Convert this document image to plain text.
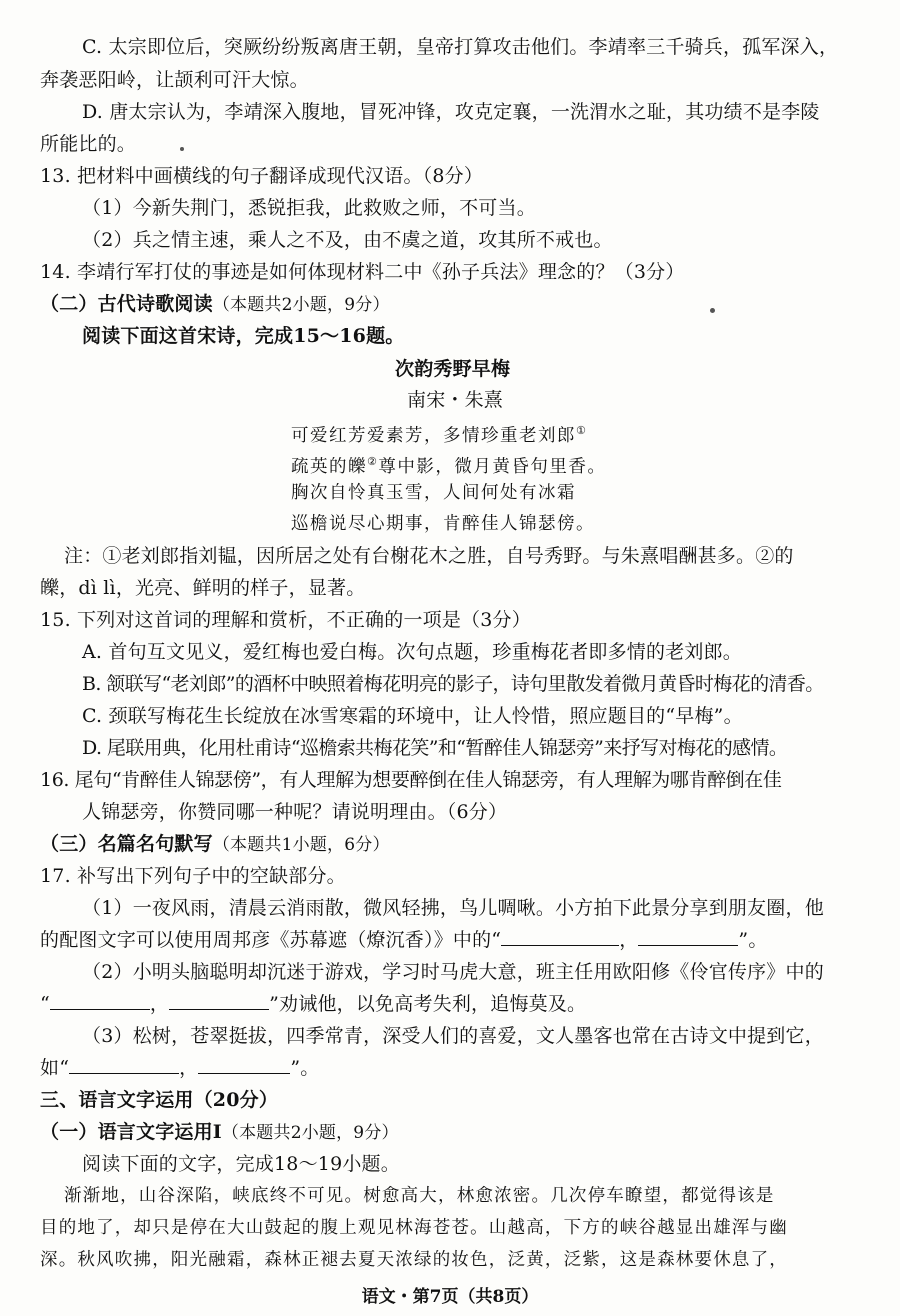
C. 太宗即位后，突厥纷纷叛离唐王朝，皇帝打算攻击他们。李靖率三千骑兵，孤军深入，
奔袭恶阳岭，让颉利可汗大惊。
D. 唐太宗认为，李靖深入腹地，冒死冲锋，攻克定襄，一洗渭水之耻，其功绩不是李陵
所能比的。
13. 把材料中画横线的句子翻译成现代汉语。（8分）
（1）今新失荆门，悉锐拒我，此救败之师，不可当。
（2）兵之情主速，乘人之不及，由不虞之道，攻其所不戒也。
14. 李靖行军打仗的事迹是如何体现材料二中《孙子兵法》理念的？（3分）
（二）古代诗歌阅读（本题共2小题，9分）
阅读下面这首宋诗，完成15～16题。
次韵秀野早梅
南宋・朱熹
可爱红芳爱素芳，多情珍重老刘郎①
疏英的皪②尊中影，微月黄昏句里香。
胸次自怜真玉雪，人间何处有冰霜
巡檐说尽心期事，肯醉佳人锦瑟傍。
注：①老刘郎指刘韫，因所居之处有台榭花木之胜，自号秀野。与朱熹唱酬甚多。②的
皪，dì lì，光亮、鲜明的样子，显著。
15. 下列对这首词的理解和赏析，不正确的一项是（3分）
A. 首句互文见义，爱红梅也爱白梅。次句点题，珍重梅花者即多情的老刘郎。
B. 颔联写“老刘郎”的酒杯中映照着梅花明亮的影子，诗句里散发着微月黄昏时梅花的清香。
C. 颈联写梅花生长绽放在冰雪寒霜的环境中，让人怜惜，照应题目的“早梅”。
D. 尾联用典，化用杜甫诗“巡檐索共梅花笑”和“暂醉佳人锦瑟旁”来抒写对梅花的感情。
16. 尾句“肯醉佳人锦瑟傍”，有人理解为想要醉倒在佳人锦瑟旁，有人理解为哪肯醉倒在佳
人锦瑟旁，你赞同哪一种呢？请说明理由。（6分）
（三）名篇名句默写（本题共1小题，6分）
17. 补写出下列句子中的空缺部分。
（1）一夜风雨，清晨云消雨散，微风轻拂，鸟儿啁啾。小方拍下此景分享到朋友圈，他
的配图文字可以使用周邦彦《苏幕遮（燎沉香）》中的“	，	”。
（2）小明头脑聪明却沉迷于游戏，学习时马虎大意，班主任用欧阳修《伶官传序》中的
“	，	”劝诫他，以免高考失利，追悔莫及。
（3）松树，苍翠挺拔，四季常青，深受人们的喜爱，文人墨客也常在古诗文中提到它，
如“	，	”。
三、语言文字运用（20分）
（一）语言文字运用Ⅰ（本题共2小题，9分）
阅读下面的文字，完成18～19小题。
渐渐地，山谷深陷，峡底终不可见。树愈高大，林愈浓密。几次停车瞭望，都觉得该是
目的地了，却只是停在大山鼓起的腹上观见林海苍苍。山越高，下方的峡谷越显出雄浑与幽
深。秋风吹拂，阳光融霜，森林正褪去夏天浓绿的妆色，泛黄，泛紫，这是森林要休息了，
语文・第7页（共8页）
